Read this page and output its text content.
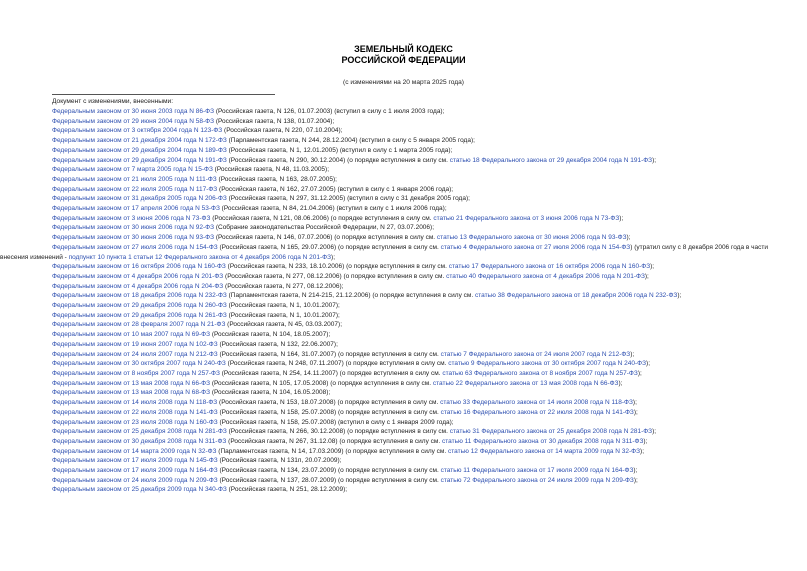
ЗЕМЕЛЬНЫЙ КОДЕКС
РОССИЙСКОЙ ФЕДЕРАЦИИ
(с изменениями на 20 марта 2025 года)
Документ с изменениями, внесенными:
Федеральным законом от 30 июня 2003 года N 86-ФЗ (Российская газета, N 126, 01.07.2003) (вступил в силу с 1 июля 2003 года);
Федеральным законом от 29 июня 2004 года N 58-ФЗ (Российская газета, N 138, 01.07.2004);
Федеральным законом от 3 октября 2004 года N 123-ФЗ (Российская газета, N 220, 07.10.2004);
Федеральным законом от 21 декабря 2004 года N 172-ФЗ (Парламентская газета, N 244, 28.12.2004) (вступил в силу с 5 января 2005 года);
Федеральным законом от 29 декабря 2004 года N 189-ФЗ (Российская газета, N 1, 12.01.2005) (вступил в силу с 1 марта 2005 года);
Федеральным законом от 29 декабря 2004 года N 191-ФЗ (Российская газета, N 290, 30.12.2004) (о порядке вступления в силу см. статью 18 Федерального закона от 29 декабря 2004 года N 191-ФЗ);
Федеральным законом от 7 марта 2005 года N 15-ФЗ (Российская газета, N 48, 11.03.2005);
Федеральным законом от 21 июля 2005 года N 111-ФЗ (Российская газета, N 163, 28.07.2005);
Федеральным законом от 22 июля 2005 года N 117-ФЗ (Российская газета, N 162, 27.07.2005) (вступил в силу с 1 января 2006 года);
Федеральным законом от 31 декабря 2005 года N 206-ФЗ (Российская газета, N 297, 31.12.2005) (вступил в силу с 31 декабря 2005 года);
Федеральным законом от 17 апреля 2006 года N 53-ФЗ (Российская газета, N 84, 21.04.2006) (вступил в силу с 1 июля 2006 года);
Федеральным законом от 3 июня 2006 года N 73-ФЗ (Российская газета, N 121, 08.06.2006) (о порядке вступления в силу см. статью 21 Федерального закона от 3 июня 2006 года N 73-ФЗ);
Федеральным законом от 30 июня 2006 года N 92-ФЗ (Собрание законодательства Российской Федерации, N 27, 03.07.2006);
Федеральным законом от 30 июня 2006 года N 93-ФЗ (Российская газета, N 146, 07.07.2006) (о порядке вступления в силу см. статью 13 Федерального закона от 30 июня 2006 года N 93-ФЗ);
Федеральным законом от 27 июля 2006 года N 154-ФЗ (Российская газета, N 165, 29.07.2006) (о порядке вступления в силу см. статью 4 Федерального закона от 27 июля 2006 года N 154-ФЗ) (утратил силу с 8 декабря 2006 года в части внесения изменений - подпункт 10 пункта 1 статьи 12 Федерального закона от 4 декабря 2006 года N 201-ФЗ);
Федеральным законом от 16 октября 2006 года N 160-ФЗ (Российская газета, N 233, 18.10.2006) (о порядке вступления в силу см. статью 17 Федерального закона от 16 октября 2006 года N 160-ФЗ);
Федеральным законом от 4 декабря 2006 года N 201-ФЗ (Российская газета, N 277, 08.12.2006) (о порядке вступления в силу см. статью 40 Федерального закона от 4 декабря 2006 года N 201-ФЗ);
Федеральным законом от 4 декабря 2006 года N 204-ФЗ (Российская газета, N 277, 08.12.2006);
Федеральным законом от 18 декабря 2006 года N 232-ФЗ (Парламентская газета, N 214-215, 21.12.2006) (о порядке вступления в силу см. статью 38 Федерального закона от 18 декабря 2006 года N 232-ФЗ);
Федеральным законом от 29 декабря 2006 года N 260-ФЗ (Российская газета, N 1, 10.01.2007);
Федеральным законом от 29 декабря 2006 года N 261-ФЗ (Российская газета, N 1, 10.01.2007);
Федеральным законом от 28 февраля 2007 года N 21-ФЗ (Российская газета, N 45, 03.03.2007);
Федеральным законом от 10 мая 2007 года N 69-ФЗ (Российская газета, N 104, 18.05.2007);
Федеральным законом от 19 июня 2007 года N 102-ФЗ (Российская газета, N 132, 22.06.2007);
Федеральным законом от 24 июля 2007 года N 212-ФЗ (Российская газета, N 164, 31.07.2007) (о порядке вступления в силу см. статью 7 Федерального закона от 24 июля 2007 года N 212-ФЗ);
Федеральным законом от 30 октября 2007 года N 240-ФЗ (Российская газета, N 248, 07.11.2007) (о порядке вступления в силу см. статью 9 Федерального закона от 30 октября 2007 года N 240-ФЗ);
Федеральным законом от 8 ноября 2007 года N 257-ФЗ (Российская газета, N 254, 14.11.2007) (о порядке вступления в силу см. статью 63 Федерального закона от 8 ноября 2007 года N 257-ФЗ);
Федеральным законом от 13 мая 2008 года N 66-ФЗ (Российская газета, N 105, 17.05.2008) (о порядке вступления в силу см. статью 22 Федерального закона от 13 мая 2008 года N 66-ФЗ);
Федеральным законом от 13 мая 2008 года N 68-ФЗ (Российская газета, N 104, 16.05.2008);
Федеральным законом от 14 июля 2008 года N 118-ФЗ (Российская газета, N 153, 18.07.2008) (о порядке вступления в силу см. статью 33 Федерального закона от 14 июля 2008 года N 118-ФЗ);
Федеральным законом от 22 июля 2008 года N 141-ФЗ (Российская газета, N 158, 25.07.2008) (о порядке вступления в силу см. статью 16 Федерального закона от 22 июля 2008 года N 141-ФЗ);
Федеральным законом от 23 июля 2008 года N 160-ФЗ (Российская газета, N 158, 25.07.2008) (вступил в силу с 1 января 2009 года);
Федеральным законом от 25 декабря 2008 года N 281-ФЗ (Российская газета, N 266, 30.12.2008) (о порядке вступления в силу см. статью 31 Федерального закона от 25 декабря 2008 года N 281-ФЗ);
Федеральным законом от 30 декабря 2008 года N 311-ФЗ (Российская газета, N 267, 31.12.08) (о порядке вступления в силу см. статью 11 Федерального закона от 30 декабря 2008 года N 311-ФЗ);
Федеральным законом от 14 марта 2009 года N 32-ФЗ (Парламентская газета, N 14, 17.03.2009) (о порядке вступления в силу см. статью 12 Федерального закона от 14 марта 2009 года N 32-ФЗ);
Федеральным законом от 17 июля 2009 года N 145-ФЗ (Российская газета, N 131п, 20.07.2009);
Федеральным законом от 17 июля 2009 года N 164-ФЗ (Российская газета, N 134, 23.07.2009) (о порядке вступления в силу см. статью 11 Федерального закона от 17 июля 2009 года N 164-ФЗ);
Федеральным законом от 24 июля 2009 года N 209-ФЗ (Российская газета, N 137, 28.07.2009) (о порядке вступления в силу см. статью 72 Федерального закона от 24 июля 2009 года N 209-ФЗ);
Федеральным законом от 25 декабря 2009 года N 340-ФЗ (Российская газета, N 251, 28.12.2009);
